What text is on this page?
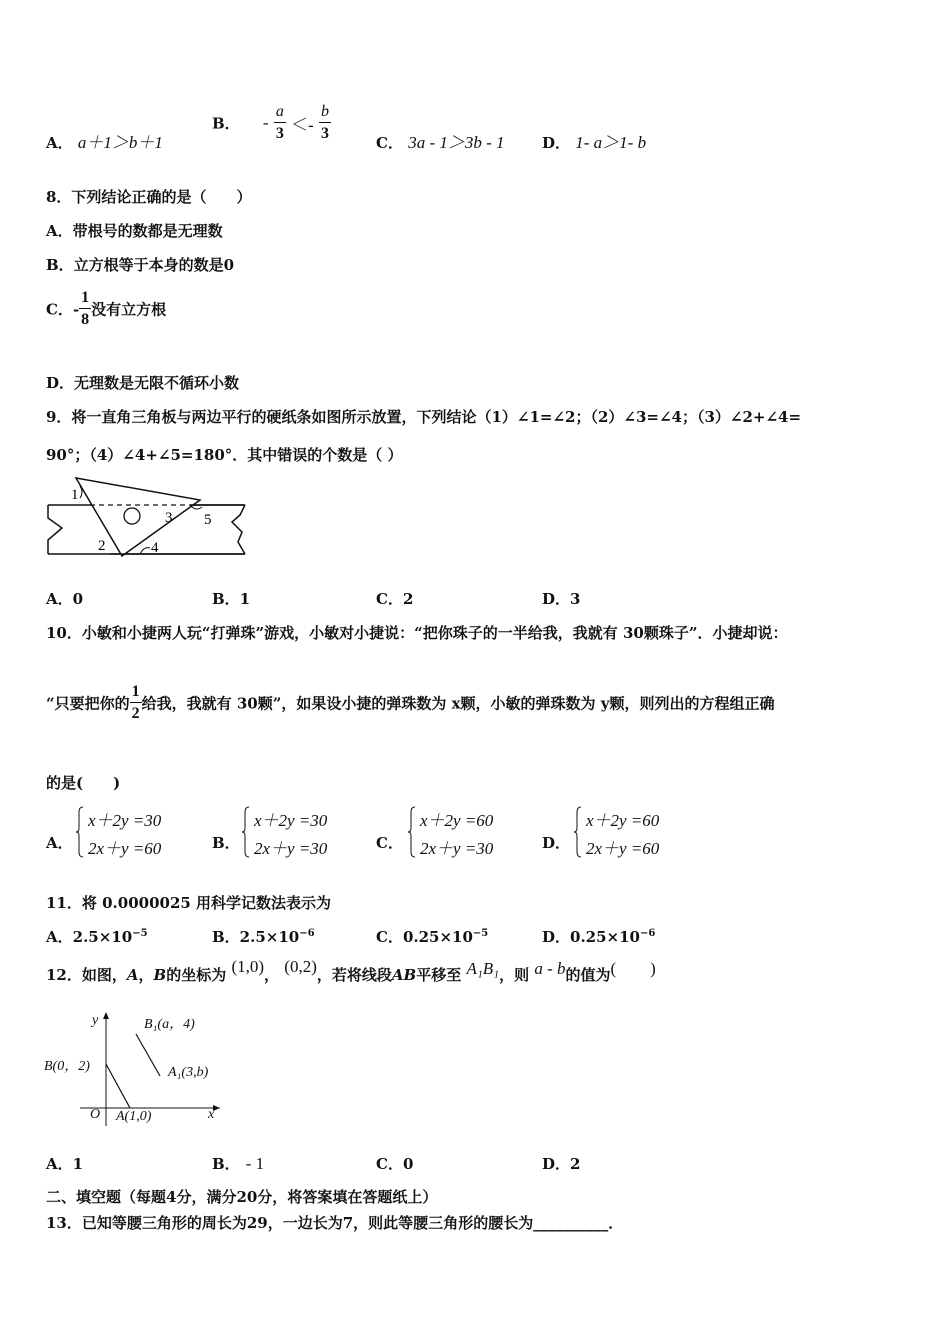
A． a＋1＞b＋1
B． - $\frac{a}{3} <- \frac{b}{3}$
C． 3a - 1＞3b - 1 D． 1- a＞1- b
8．下列结论正确的是（　　）
A．带根号的数都是无理数
B．立方根等于本身的数是0
C．- $\frac{1}{8}$ 没有立方根
D．无理数是无限不循环小数
9．将一直角三角板与两边平行的硬纸条如图所示放置，下列结论（1）∠1=∠2；（2）∠3=∠4；（3）∠2+∠4=
90°；（4）∠4+∠5=180°．其中错误的个数是（ ）
1
2
3
4
5
A．0	B．1	C．2	D．3
10．小敏和小捷两人玩“打弹珠”游戏，小敏对小捷说：“把你珠子的一半给我，我就有 30颗珠子”．小捷却说：
“只要把你的 $\frac{1}{2}$ 给我，我就有 30颗”，如果设小捷的弹珠数为 x颗，小敏的弹珠数为 y颗，则列出的方程组正确
的是(　　)
A．
x＋2y =30
2x＋y =60	B．
x＋2y =30
2x＋y =30	C．
x＋2y =60
2x＋y =30	D．
x＋2y =60
2x＋y =60
11．将 0.0000025 用科学记数法表示为
A．$2.5\times 10^{-5}$	B．$2.5\times 10^{-6}$	C．$0.25\times 10^{-5}$	D．$0.25\times 10^{-6}$
12．如图，A，B的坐标为 (1,0)， (0,2)，若将线段AB平移至 A₁B₁，则 a - b的值为(　　)
y
x
O
B₁(a，4)
A₁(3,b)
B(0，2)
A(1,0)
A．1	B． - 1	C．0	D．2
二、填空题（每题4分，满分20分，将答案填在答题纸上）
13．已知等腰三角形的周长为29，一边长为7，则此等腰三角形的腰长为__________．
